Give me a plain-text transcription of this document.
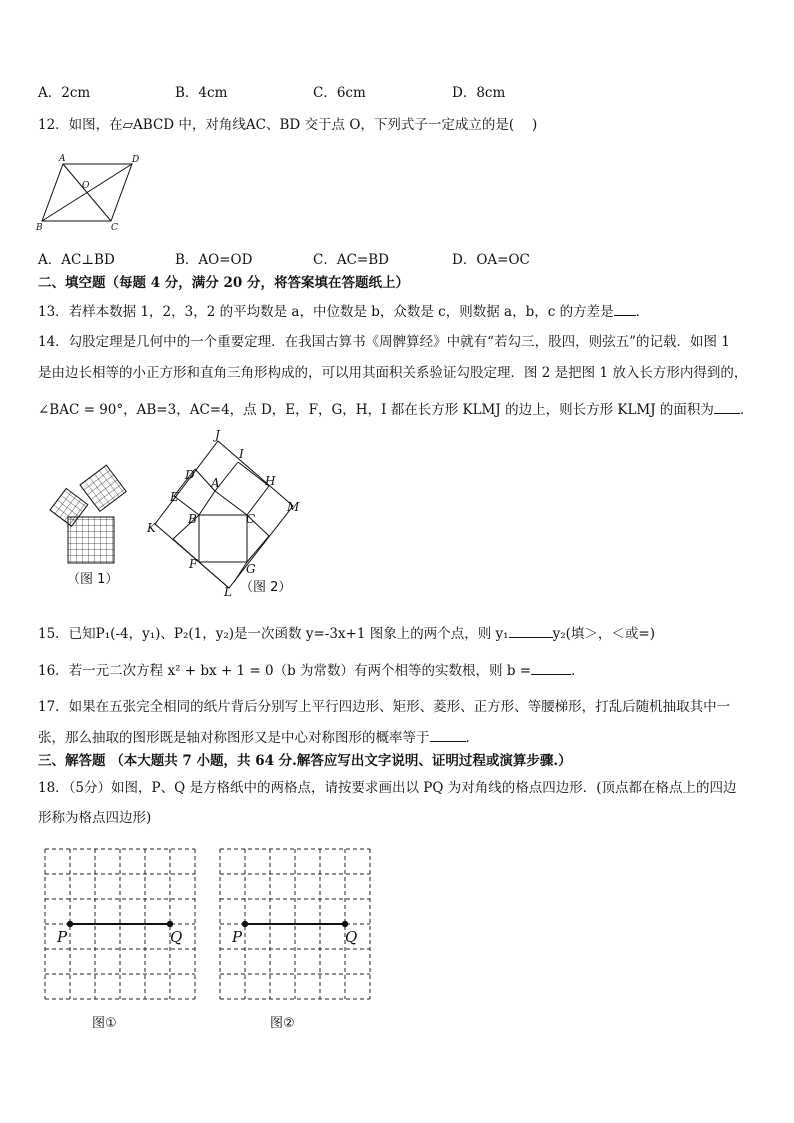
A．2cm	B．4cm	C．6cm	D．8cm
12．如图，在▱ABCD 中，对角线AC、BD 交于点 O，下列式子一定成立的是(　 )
A	D
O
B	C
A．AC⊥BD	B．AO=OD	C．AC=BD	D．OA=OC
二、填空题（每题 4 分，满分 20 分，将答案填在答题纸上）
13．若样本数据 1，2，3，2 的平均数是 a，中位数是 b，众数是 c，则数据 a，b，c 的方差是 ．
14．勾股定理是几何中的一个重要定理．在我国古算书《周髀算经》中就有“若勾三，股四，则弦五”的记载．如图 1
是由边长相等的小正方形和直角三角形构成的，可以用其面积关系验证勾股定理．图 2 是把图 1 放入长方形内得到的，
∠BAC = 90°，AB=3，AC=4，点 D，E，F，G，H，I 都在长方形 KLMJ 的边上，则长方形 KLMJ 的面积为 ．
（图 1）
J
I
D
A	H
E
M
B	C
K
F	G
L （图 2）
15．已知P₁(-4，y₁)、P₂(1，y₂)是一次函数 y=-3x+1 图象上的两个点，则 y₁	y₂(填＞，＜或=)
16．若一元二次方程 x² + bx + 1 = 0（b 为常数）有两个相等的实数根，则 b =	．
17．如果在五张完全相同的纸片背后分别写上平行四边形、矩形、菱形、正方形、等腰梯形，打乱后随机抽取其中一
张，那么抽取的图形既是轴对称图形又是中心对称图形的概率等于	．
三、解答题 （本大题共 7 小题，共 64 分.解答应写出文字说明、证明过程或演算步骤.）
18．（5分）如图，P、Q 是方格纸中的两格点，请按要求画出以 PQ 为对角线的格点四边形．(顶点都在格点上的四边
形称为格点四边形)
P	Q
图①
P	Q
图②
